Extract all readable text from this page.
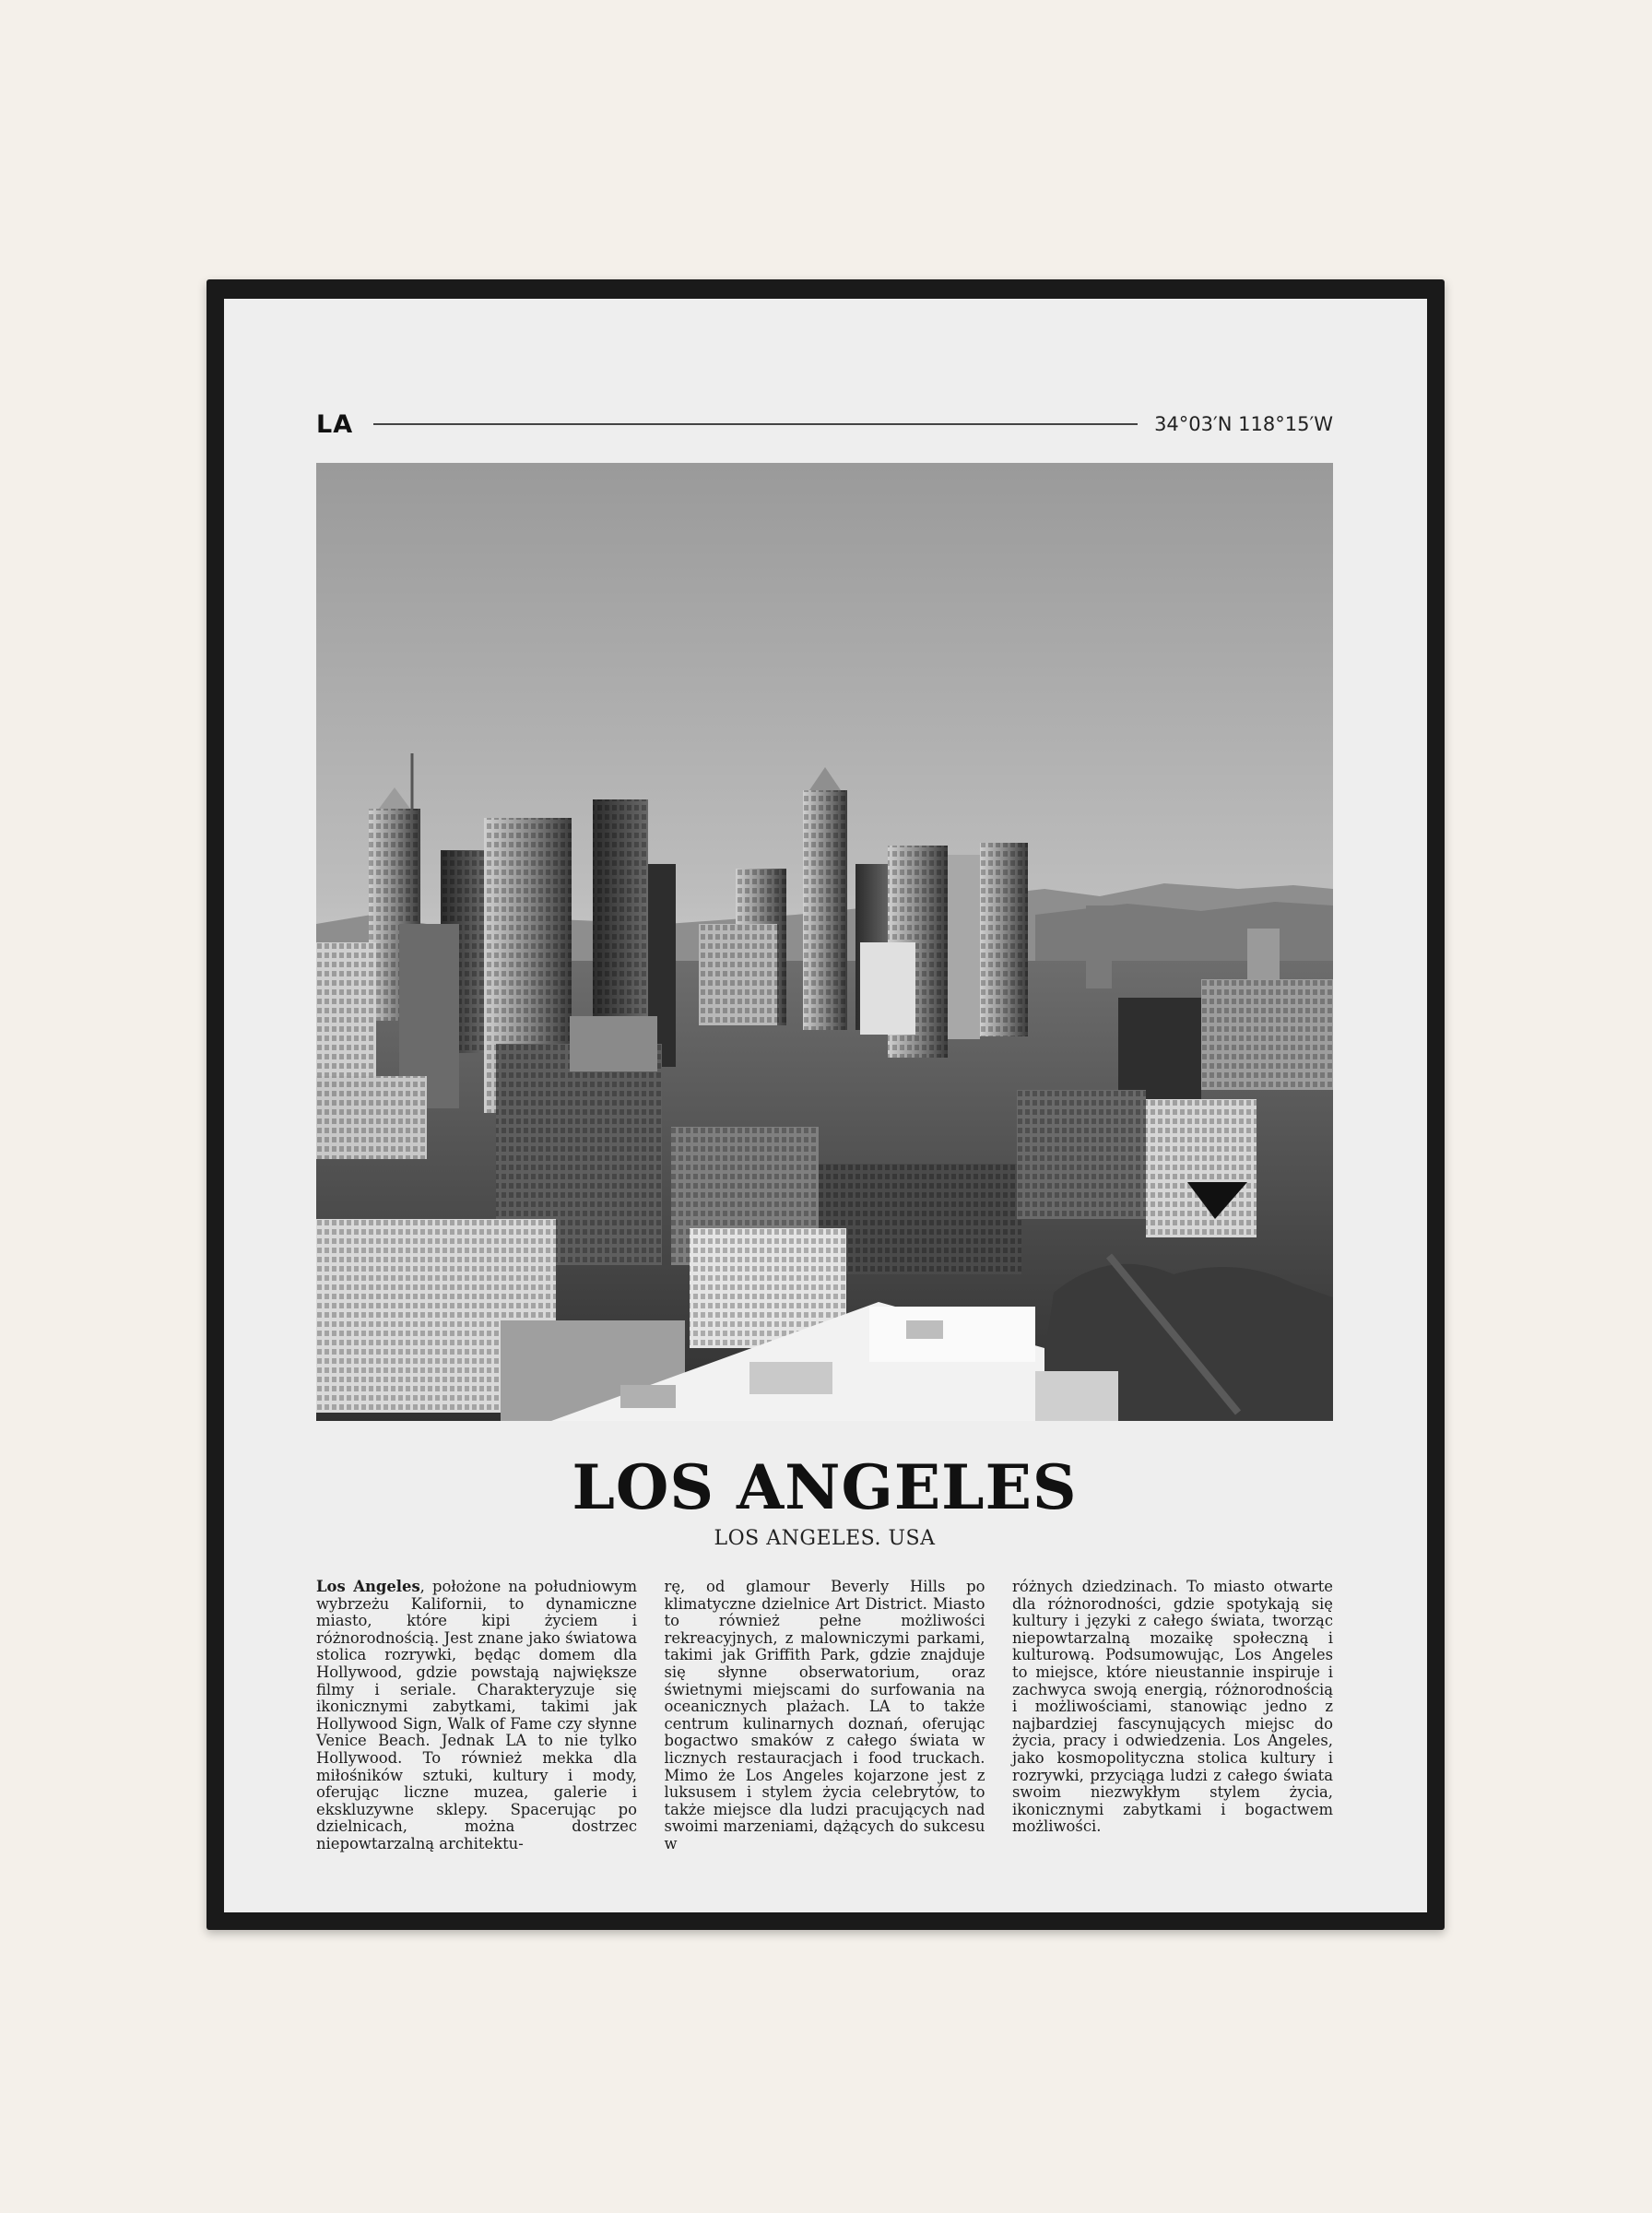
LA	34°03′N 118°15′W
LOS ANGELES
LOS ANGELES. USA
Los Angeles, położone na południowym wybrzeżu Kalifornii, to dynamiczne miasto, które kipi życiem i różnorodnością. Jest znane jako światowa stolica rozrywki, będąc domem dla Hollywood, gdzie powstają największe filmy i seriale. Charakteryzuje się ikonicznymi zabytkami, takimi jak Hollywood Sign, Walk of Fame czy słynne Venice Beach. Jednak LA to nie tylko Hollywood. To również mekka dla miłośników sztuki, kultury i mody, oferując liczne muzea, galerie i ekskluzywne sklepy. Spacerując po dzielnicach, można dostrzec niepowtarzalną architektu-
rę, od glamour Beverly Hills po klimatyczne dzielnice Art District. Miasto to również pełne możliwości rekreacyjnych, z malowniczymi parkami, takimi jak Griffith Park, gdzie znajduje się słynne obserwatorium, oraz świetnymi miejscami do surfowania na oceanicznych plażach. LA to także centrum kulinarnych doznań, oferując bogactwo smaków z całego świata w licznych restauracjach i food truckach. Mimo że Los Angeles kojarzone jest z luksusem i stylem życia celebrytów, to także miejsce dla ludzi pracujących nad swoimi marzeniami, dążących do sukcesu w
różnych dziedzinach. To miasto otwarte dla różnorodności, gdzie spotykają się kultury i języki z całego świata, tworząc niepowtarzalną mozaikę społeczną i kulturową. Podsumowując, Los Angeles to miejsce, które nieustannie inspiruje i zachwyca swoją energią, różnorodnością i możliwościami, stanowiąc jedno z najbardziej fascynujących miejsc do życia, pracy i odwiedzenia. Los Angeles, jako kosmopolityczna stolica kultury i rozrywki, przyciąga ludzi z całego świata swoim niezwykłym stylem życia, ikonicznymi zabytkami i bogactwem możliwości.
